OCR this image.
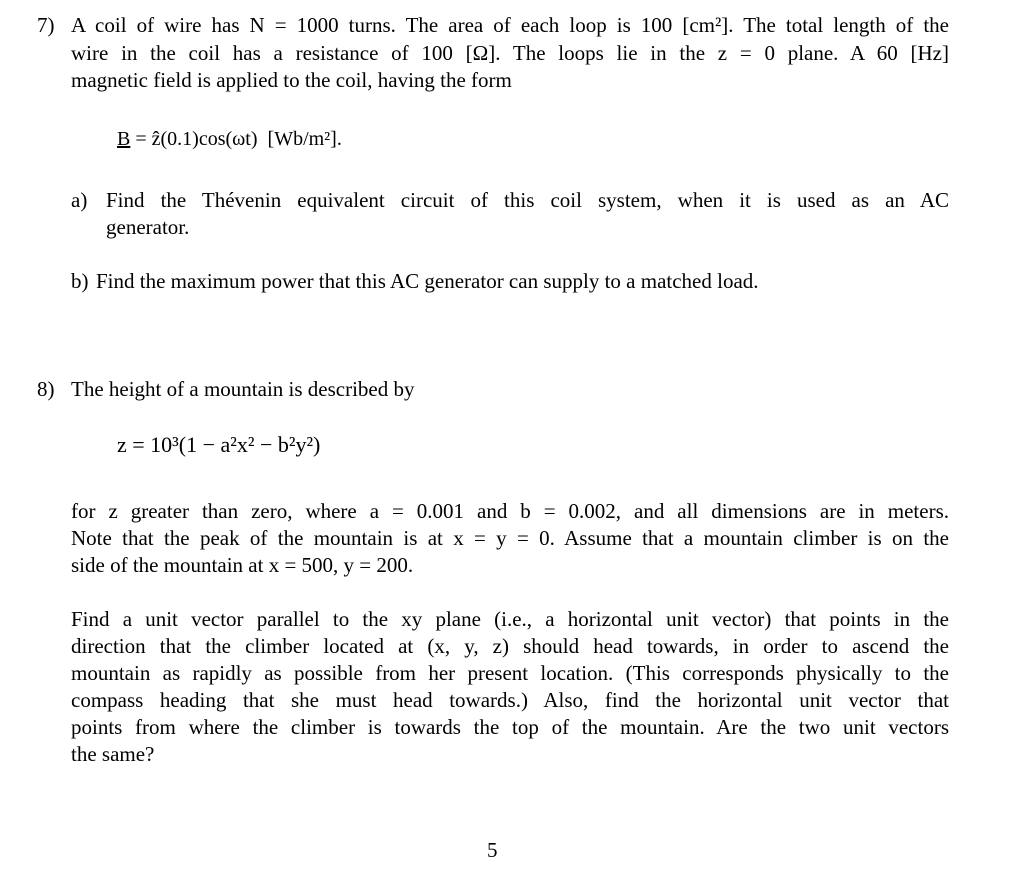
7) A coil of wire has N = 1000 turns. The area of each loop is 100 [cm²]. The total length of the
wire in the coil has a resistance of 100 [Ω]. The loops lie in the z = 0 plane. A 60 [Hz]
magnetic field is applied to the coil, having the form
B = ẑ(0.1)cos(ωt) [Wb/m²].
a) Find the Thévenin equivalent circuit of this coil system, when it is used as an AC
generator.
b) Find the maximum power that this AC generator can supply to a matched load.
8) The height of a mountain is described by
z = 10³(1 − a²x² − b²y²)
for z greater than zero, where a = 0.001 and b = 0.002, and all dimensions are in meters.
Note that the peak of the mountain is at x = y = 0. Assume that a mountain climber is on the
side of the mountain at x = 500, y = 200.
Find a unit vector parallel to the xy plane (i.e., a horizontal unit vector) that points in the
direction that the climber located at (x, y, z) should head towards, in order to ascend the
mountain as rapidly as possible from her present location. (This corresponds physically to the
compass heading that she must head towards.) Also, find the horizontal unit vector that
points from where the climber is towards the top of the mountain. Are the two unit vectors
the same?
5
